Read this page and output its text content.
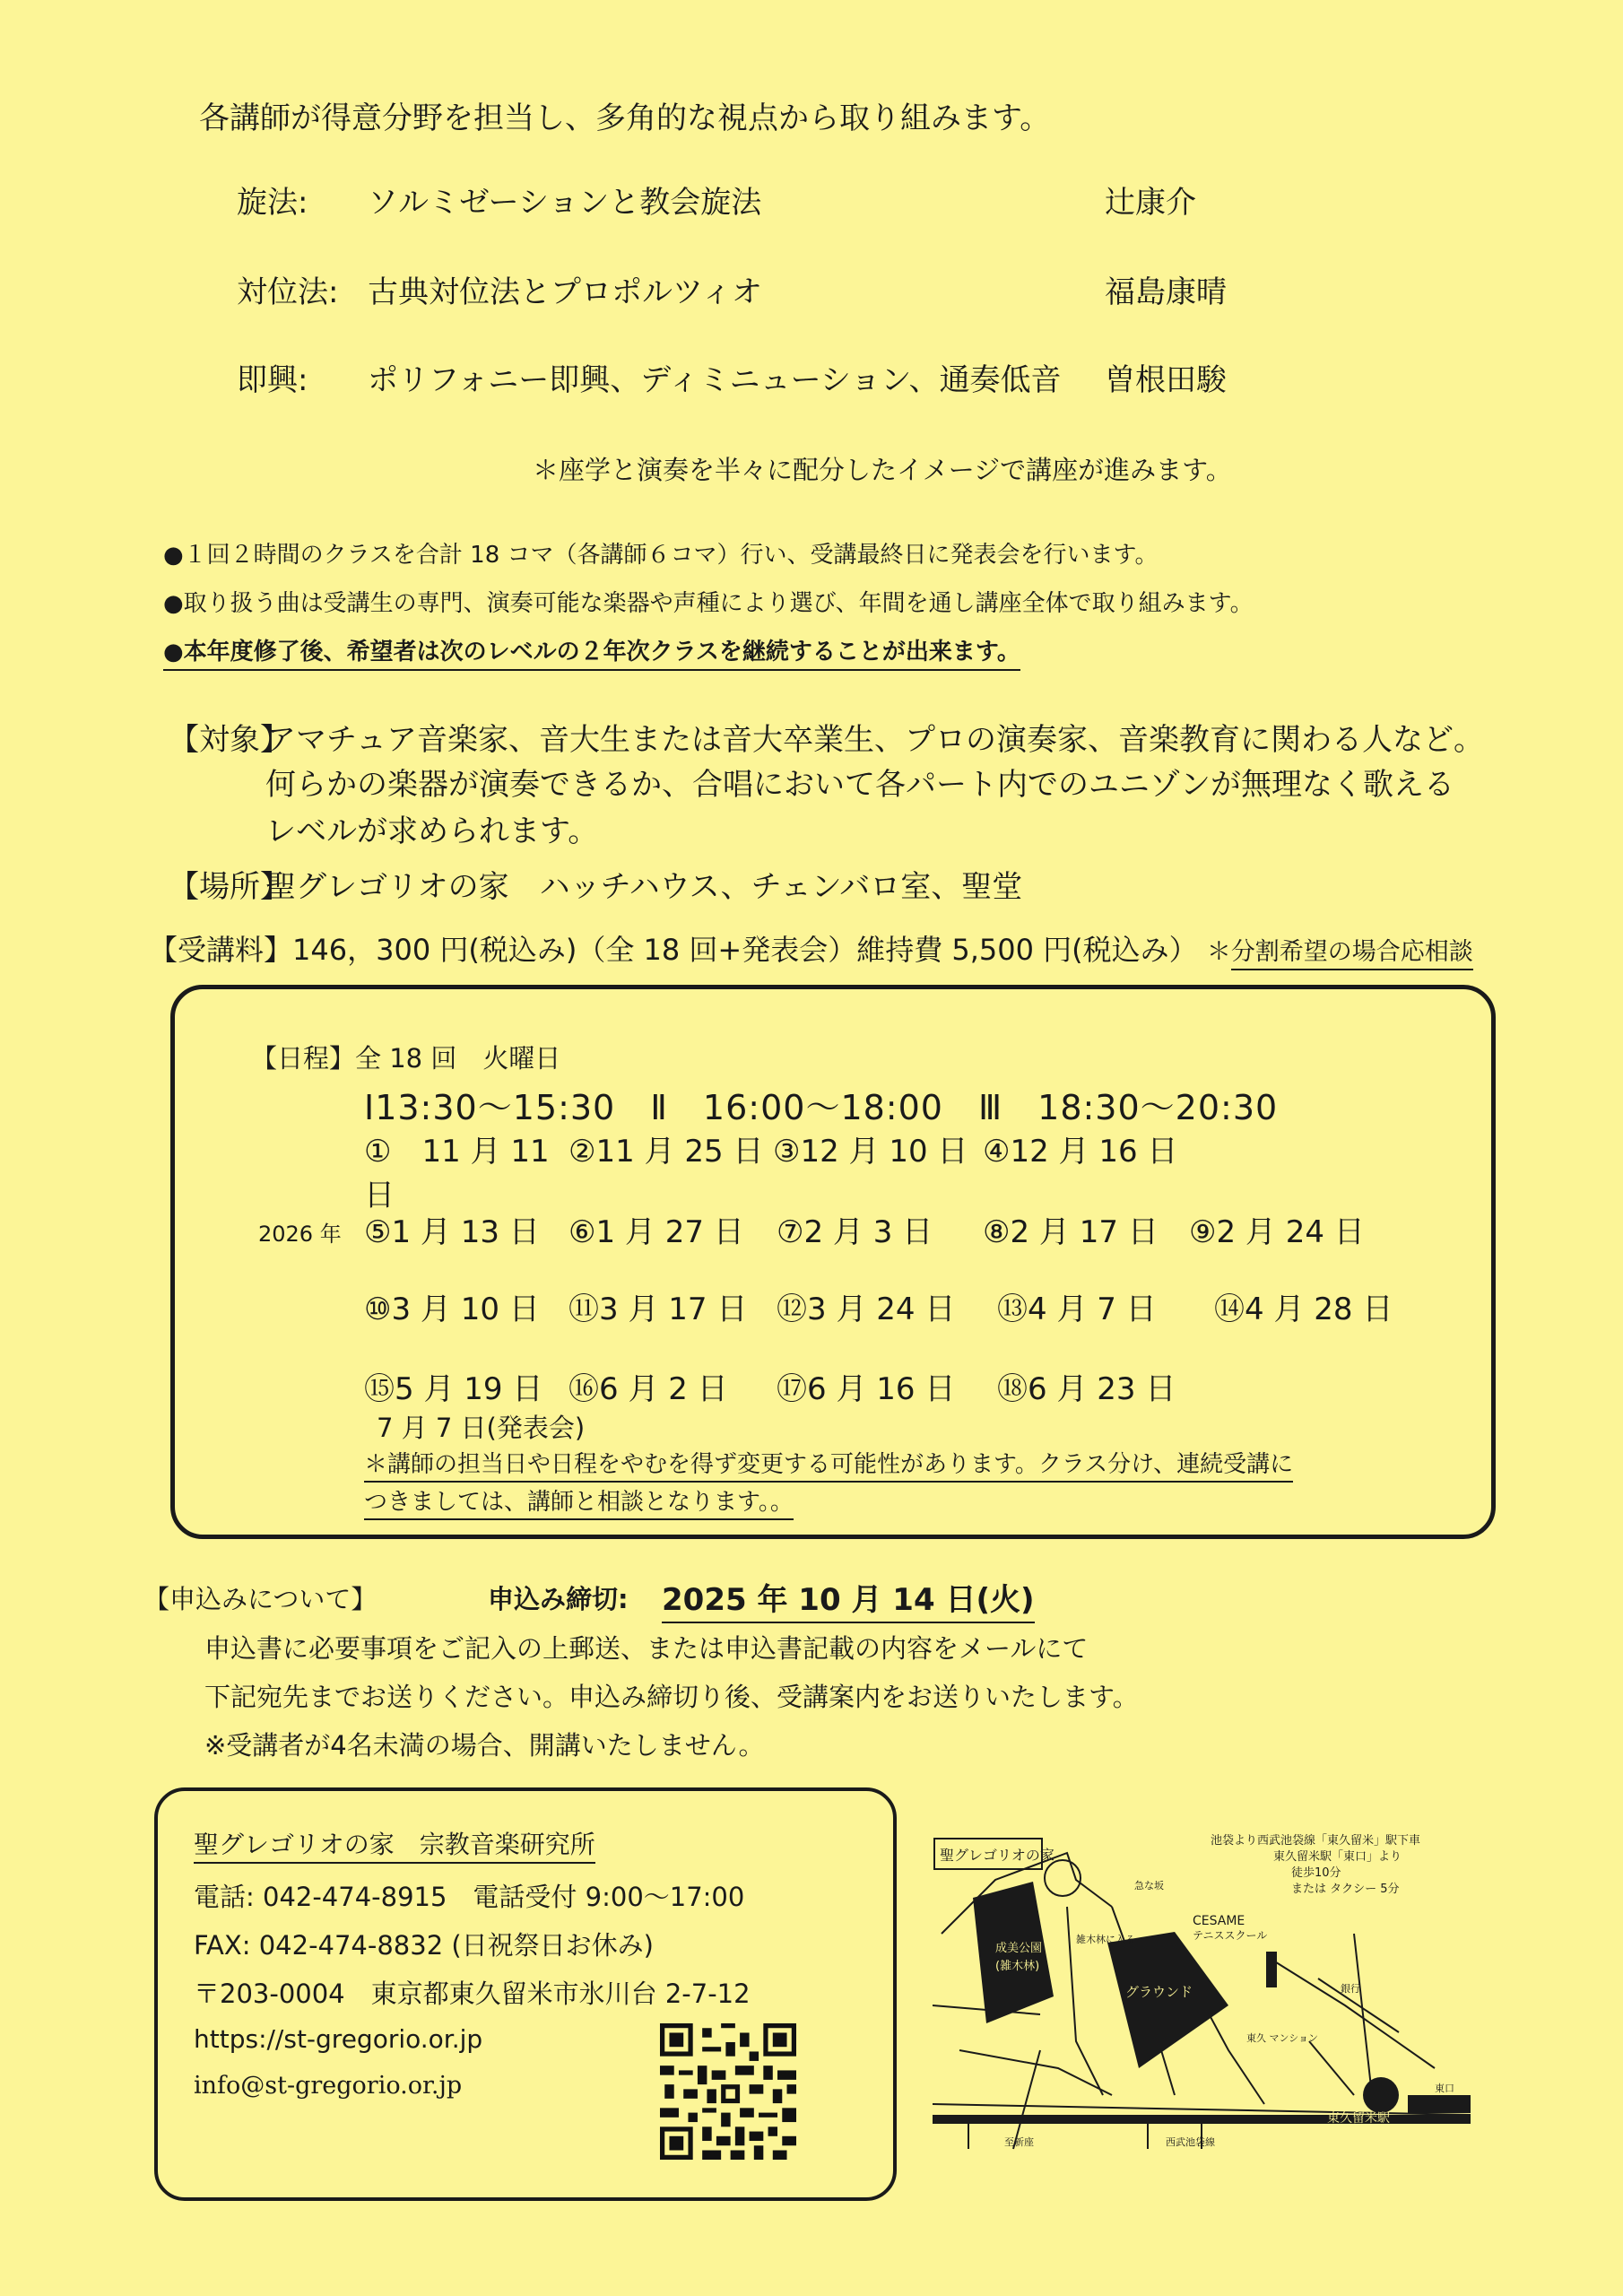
各講師が得意分野を担当し、多角的な視点から取り組みます。
旋法: ソルミゼーションと教会旋法	辻康介
対位法: 古典対位法とプロポルツィオ	福島康晴
即興: ポリフォニー即興、ディミニューション、通奏低音 曽根田駿
＊座学と演奏を半々に配分したイメージで講座が進みます。
●１回２時間のクラスを合計 18 コマ（各講師６コマ）行い、受講最終日に発表会を行います。
●取り扱う曲は受講生の専門、演奏可能な楽器や声種により選び、年間を通し講座全体で取り組みます。
●本年度修了後、希望者は次のレベルの２年次クラスを継続することが出来ます。
【対象】
アマチュア音楽家、音大生または音大卒業生、プロの演奏家、音楽教育に関わる人など。
何らかの楽器が演奏できるか、合唱において各パート内でのユニゾンが無理なく歌える
レベルが求められます。
【場所】
聖グレゴリオの家　ハッチハウス、チェンバロ室、聖堂
【受講料】146，300 円(税込み)（全 18 回+発表会）維持費 5,500 円(税込み） ＊分割希望の場合応相談
【日程】全 18 回　火曜日
Ⅰ13:30～15:30　Ⅱ　16:00～18:00　Ⅲ　18:30～20:30
①　11 月 11 日
②11 月 25 日 ③12 月 10 日 ④12 月 16 日
2026 年 ⑤1 月 13 日 ⑥1 月 27 日	⑦2 月 3 日	⑧2 月 17 日	⑨2 月 24 日
⑩3 月 10 日 ⑪3 月 17 日 ⑫3 月 24 日	⑬4 月 7 日	⑭4 月 28 日
⑮5 月 19 日 ⑯6 月 2 日	⑰6 月 16 日	⑱6 月 23 日
7 月 7 日(発表会)
＊講師の担当日や日程をやむを得ず変更する可能性があります。クラス分け、連続受講に
つきましては、講師と相談となります。。
【申込みについて】	申込み締切: 2025 年 10 月 14 日(火)
申込書に必要事項をご記入の上郵送、または申込書記載の内容をメールにて
下記宛先までお送りください。申込み締切り後、受講案内をお送りいたします。
※受講者が4名未満の場合、開講いたしません。
聖グレゴリオの家　宗教音楽研究所
電話: 042-474-8915　電話受付 9:00～17:00
FAX: 042-474-8832 (日祝祭日お休み)
〒203-0004　東京都東久留米市氷川台 2-7-12
https://st-gregorio.or.jp
info@st-gregorio.or.jp
聖グレゴリオの家
池袋より西武池袋線「東久留米」駅下車
東久留米駅「東口」より
徒歩10分
または タクシー 5分
成美公園
(雑木林)
グラウンド
CESAME
テニススクール
急な坂
雑木林に入る
銀行
東久 マンション
東口
東久留米駅
至新座	西武池袋線
